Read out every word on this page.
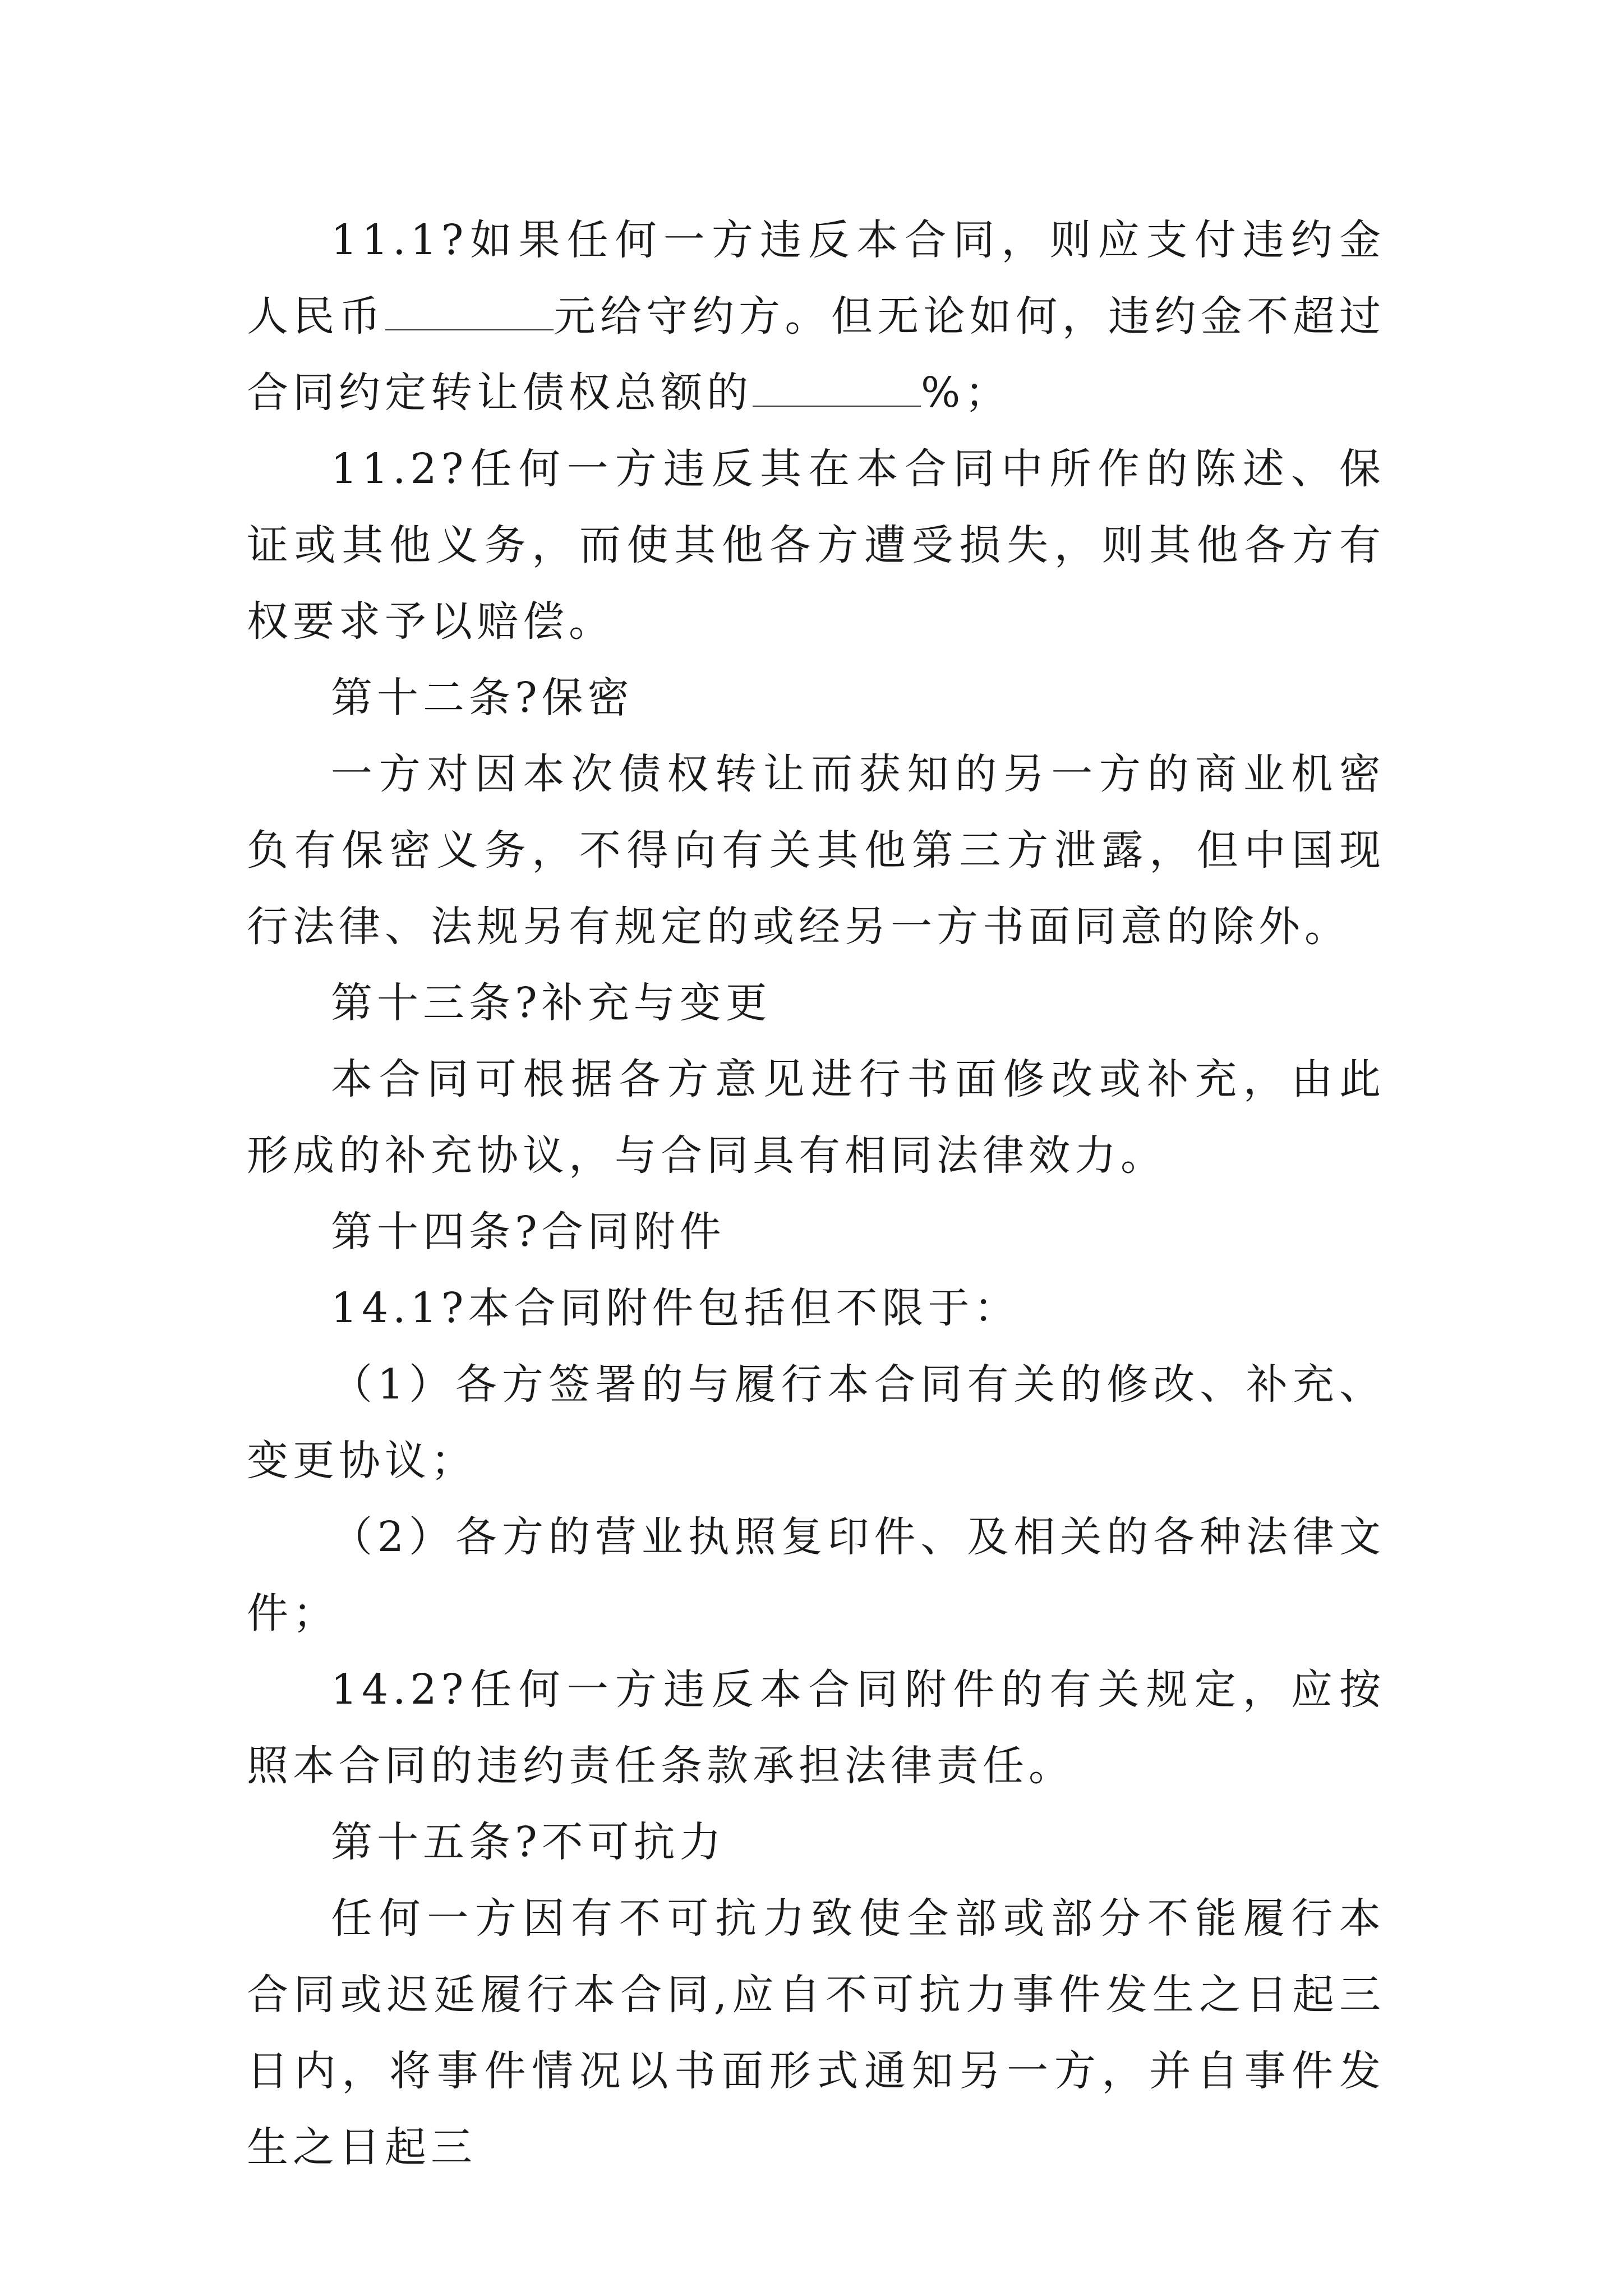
11.1?如果任何一方违反本合同，则应支付违约金人民币	元给守约方。但无论如何，违约金不超过合同约定转让债权总额的	%；

11.2?任何一方违反其在本合同中所作的陈述、保证或其他义务，而使其他各方遭受损失，则其他各方有权要求予以赔偿。

第十二条?保密

一方对因本次债权转让而获知的另一方的商业机密负有保密义务，不得向有关其他第三方泄露，但中国现行法律、法规另有规定的或经另一方书面同意的除外。

第十三条?补充与变更

本合同可根据各方意见进行书面修改或补充，由此形成的补充协议，与合同具有相同法律效力。

第十四条?合同附件

14.1?本合同附件包括但不限于：

（1）各方签署的与履行本合同有关的修改、补充、变更协议；

（2）各方的营业执照复印件、及相关的各种法律文件；

14.2?任何一方违反本合同附件的有关规定，应按照本合同的违约责任条款承担法律责任。

第十五条?不可抗力

任何一方因有不可抗力致使全部或部分不能履行本合同或迟延履行本合同,应自不可抗力事件发生之日起三日内，将事件情况以书面形式通知另一方，并自事件发生之日起三
